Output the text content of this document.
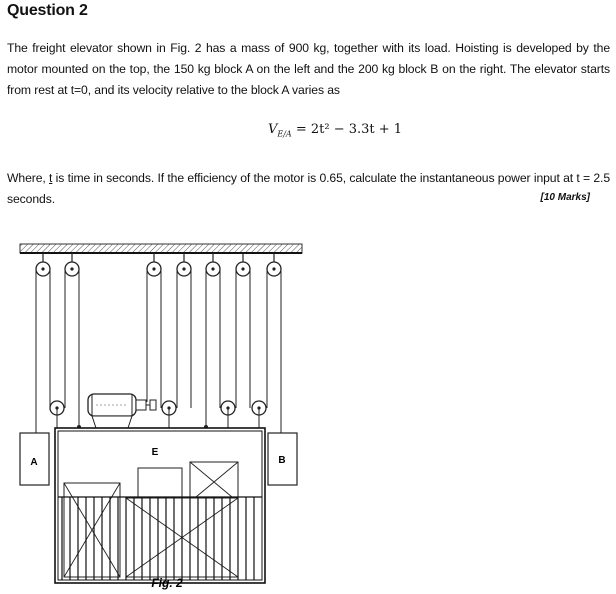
Question 2

The freight elevator shown in Fig. 2 has a mass of 900 kg, together with its load. Hoisting is developed by the motor mounted on the top, the 150 kg block A on the left and the 200 kg block B on the right. The elevator starts from rest at t=0, and its velocity relative to the block A varies as

$V_{E/A} = 2t^2 - 3.3t + 1$

Where, t is time in seconds. If the efficiency of the motor is 0.65, calculate the instantaneous power input at t = 2.5 seconds.	[10 Marks]
A	B
E
Fig. 2
